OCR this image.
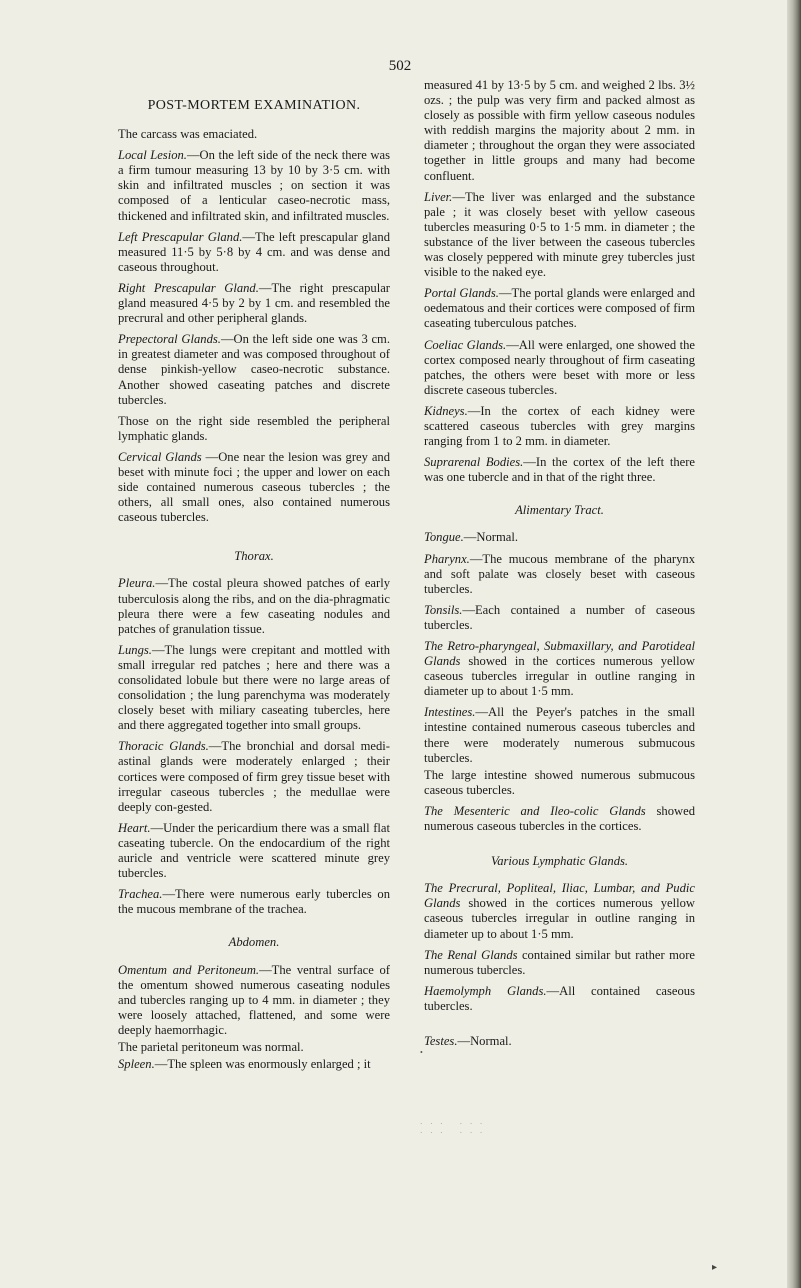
502
POST-MORTEM EXAMINATION.

The carcass was emaciated.

Local Lesion.—On the left side of the neck there was a firm tumour measuring 13 by 10 by 3·5 cm. with skin and infiltrated muscles ; on section it was composed of a lenticular caseo-necrotic mass, thickened and infiltrated skin, and infiltrated muscles.

Left Prescapular Gland.—The left prescapular gland measured 11·5 by 5·8 by 4 cm. and was dense and caseous throughout.

Right Prescapular Gland.—The right prescapular gland measured 4·5 by 2 by 1 cm. and resembled the precrural and other peripheral glands.

Prepectoral Glands.—On the left side one was 3 cm. in greatest diameter and was composed throughout of dense pinkish-yellow caseo-necrotic substance. Another showed caseating patches and discrete tubercles.

Those on the right side resembled the peripheral lymphatic glands.

Cervical Glands —One near the lesion was grey and beset with minute foci ; the upper and lower on each side contained numerous caseous tubercles ; the others, all small ones, also contained numerous caseous tubercles.

Thorax.

Pleura.—The costal pleura showed patches of early tuberculosis along the ribs, and on the dia-phragmatic pleura there were a few caseating nodules and patches of granulation tissue.

Lungs.—The lungs were crepitant and mottled with small irregular red patches ; here and there was a consolidated lobule but there were no large areas of consolidation ; the lung parenchyma was moderately closely beset with miliary caseating tubercles, here and there aggregated together into small groups.

Thoracic Glands.—The bronchial and dorsal medi-astinal glands were moderately enlarged ; their cortices were composed of firm grey tissue beset with irregular caseous tubercles ; the medullae were deeply con-gested.

Heart.—Under the pericardium there was a small flat caseating tubercle. On the endocardium of the right auricle and ventricle were scattered minute grey tubercles.

Trachea.—There were numerous early tubercles on the mucous membrane of the trachea.

Abdomen.

Omentum and Peritoneum.—The ventral surface of the omentum showed numerous caseating nodules and tubercles ranging up to 4 mm. in diameter ; they were loosely attached, flattened, and some were deeply haemorrhagic.

The parietal peritoneum was normal.

Spleen.—The spleen was enormously enlarged ; it

measured 41 by 13·5 by 5 cm. and weighed 2 lbs. 3½ ozs. ; the pulp was very firm and packed almost as closely as possible with firm yellow caseous nodules with reddish margins the majority about 2 mm. in diameter ; throughout the organ they were associated together in little groups and many had become confluent.

Liver.—The liver was enlarged and the substance pale ; it was closely beset with yellow caseous tubercles measuring 0·5 to 1·5 mm. in diameter ; the substance of the liver between the caseous tubercles was closely peppered with minute grey tubercles just visible to the naked eye.

Portal Glands.—The portal glands were enlarged and oedematous and their cortices were composed of firm caseating tuberculous patches.

Coeliac Glands.—All were enlarged, one showed the cortex composed nearly throughout of firm caseating patches, the others were beset with more or less discrete caseous tubercles.

Kidneys.—In the cortex of each kidney were scattered caseous tubercles with grey margins ranging from 1 to 2 mm. in diameter.

Suprarenal Bodies.—In the cortex of the left there was one tubercle and in that of the right three.

Alimentary Tract.

Tongue.—Normal.

Pharynx.—The mucous membrane of the pharynx and soft palate was closely beset with caseous tubercles.

Tonsils.—Each contained a number of caseous tubercles.

The Retro-pharyngeal, Submaxillary, and Parotideal Glands showed in the cortices numerous yellow caseous tubercles irregular in outline ranging in diameter up to about 1·5 mm.

Intestines.—All the Peyer's patches in the small intestine contained numerous caseous tubercles and there were moderately numerous submucous tubercles.

The large intestine showed numerous submucous caseous tubercles.

The Mesenteric and Ileo-colic Glands showed numerous caseous tubercles in the cortices.

Various Lymphatic Glands.

The Precrural, Popliteal, Iliac, Lumbar, and Pudic Glands showed in the cortices numerous yellow caseous tubercles irregular in outline ranging in diameter up to about 1·5 mm.

The Renal Glands contained similar but rather more numerous tubercles.

Haemolymph Glands.—All contained caseous tubercles.

Testes.—Normal.

•
· · ·   · · ·
· · ·   · · ·
▸
